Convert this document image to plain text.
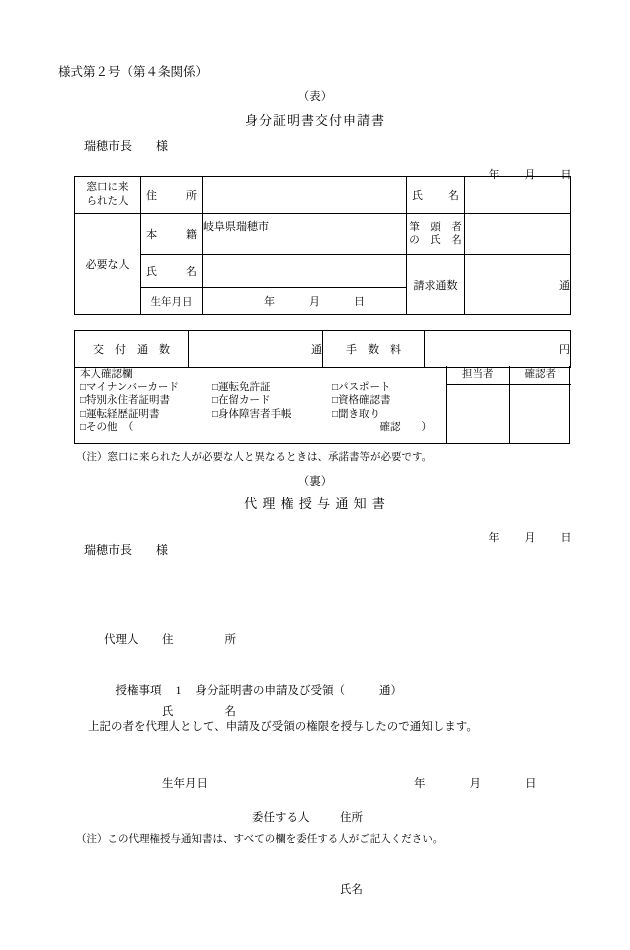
様式第２号（第４条関係）
（表）
身分証明書交付申請書
瑞穂市長　　様

年 月 日

窓口に来
られた人	住 所		氏 名	

必要な人	本 籍	岐阜県瑞穂市	筆　頭　者
の　氏　名	

	氏 名		請求通数	通
	生年月日	年 月 日		
交　付　通　数	通	手　数　料	円
本人確認欄
□マイナンバーカード	□運転免許証	□パスポート
□特別永住者証明書	□在留カード	□資格確認書
□運転経歴証明書	□身体障害者手帳	□聞き取り
□その他　（	確認　　）
担当者	確認者
（注）窓口に来られた人が必要な人と異なるときは、承諾書等が必要です。
（裏）
代 理 権 授 与 通 知 書

年 月 日

瑞穂市長　　様

代理人	住	所

氏	名

生年月日	年	月	日

授権事項 1 身分証明書の申請及び受領（	通）

上記の者を代理人として、申請及び受領の権限を授与したので通知します。

委任する人	住所

氏名

（注）この代理権授与通知書は、すべての欄を委任する人がご記入ください。
